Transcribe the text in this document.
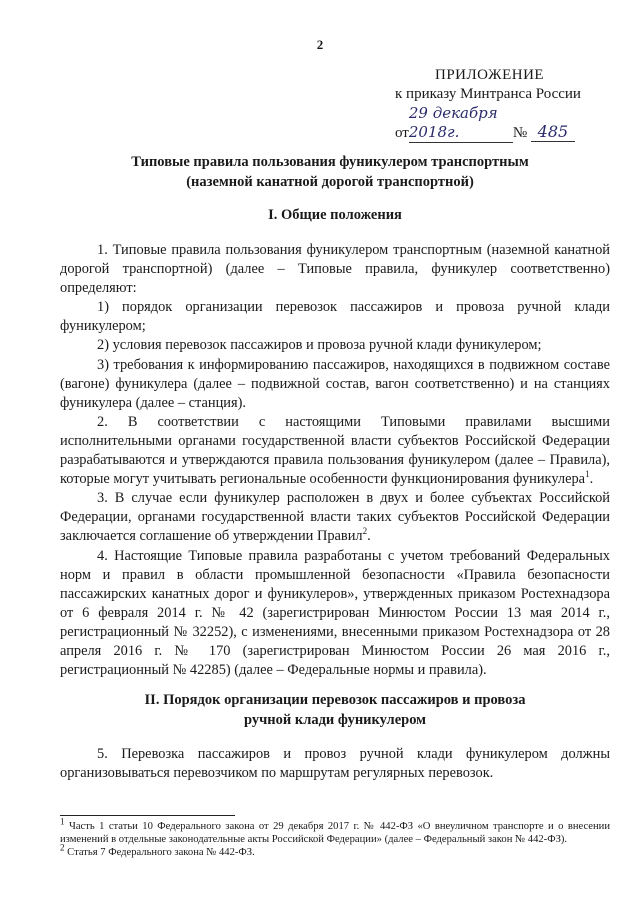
2
ПРИЛОЖЕНИЕ
к приказу Минтранса России
от29 декабря 2018г.	№ 485
Типовые правила пользования фуникулером транспортным
(наземной канатной дорогой транспортной)
I. Общие положения

1. Типовые правила пользования фуникулером транспортным (наземной канатной дорогой транспортной) (далее – Типовые правила, фуникулер соответственно) определяют:

1) порядок организации перевозок пассажиров и провоза ручной клади фуникулером;

2) условия перевозок пассажиров и провоза ручной клади фуникулером;

3) требования к информированию пассажиров, находящихся в подвижном составе (вагоне) фуникулера (далее – подвижной состав, вагон соответственно) и на станциях фуникулера (далее – станция).

2. В соответствии с настоящими Типовыми правилами высшими исполнительными органами государственной власти субъектов Российской Федерации разрабатываются и утверждаются правила пользования фуникулером (далее – Правила), которые могут учитывать региональные особенности функционирования фуникулера$^1$.

3. В случае если фуникулер расположен в двух и более субъектах Российской Федерации, органами государственной власти таких субъектов Российской Федерации заключается соглашение об утверждении Правил$^2$.

4. Настоящие Типовые правила разработаны с учетом требований Федеральных норм и правил в области промышленной безопасности «Правила безопасности пассажирских канатных дорог и фуникулеров», утвержденных приказом Ростехнадзора от 6 февраля 2014 г. № 42 (зарегистрирован Минюстом России 13 мая 2014 г., регистрационный № 32252), с изменениями, внесенными приказом Ростехнадзора от 28 апреля 2016 г. № 170 (зарегистрирован Минюстом России 26 мая 2016 г., регистрационный № 42285) (далее – Федеральные нормы и правила).

II. Порядок организации перевозок пассажиров и провоза
ручной клади фуникулером

5. Перевозка пассажиров и провоз ручной клади фуникулером должны организовываться перевозчиком по маршрутам регулярных перевозок.

$^1$ Часть 1 статьи 10 Федерального закона от 29 декабря 2017 г. № 442-ФЗ «О внеуличном транспорте и о внесении изменений в отдельные законодательные акты Российской Федерации» (далее – Федеральный закон № 442-ФЗ).

$^2$ Статья 7 Федерального закона № 442-ФЗ.
